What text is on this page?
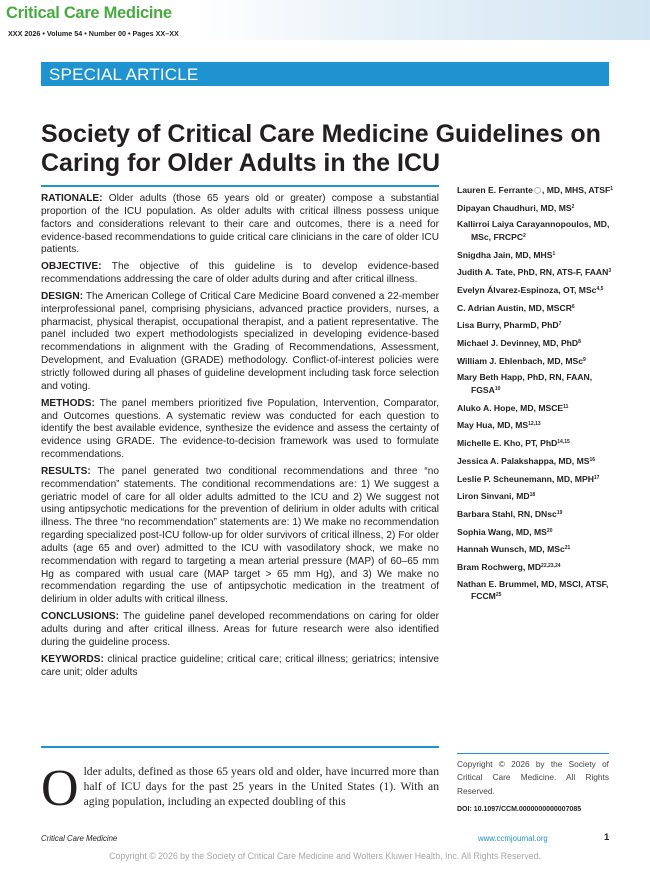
Critical Care Medicine
XXX 2026 • Volume 54 • Number 00 • Pages XX–XX
SPECIAL ARTICLE
Society of Critical Care Medicine Guidelines on Caring for Older Adults in the ICU

RATIONALE: Older adults (those 65 years old or greater) compose a substantial proportion of the ICU population. As older adults with critical illness possess unique factors and considerations relevant to their care and outcomes, there is a need for evidence-based recommendations to guide critical care clinicians in the care of older ICU patients.

OBJECTIVE: The objective of this guideline is to develop evidence-based recommendations addressing the care of older adults during and after critical illness.

DESIGN: The American College of Critical Care Medicine Board convened a 22-member interprofessional panel, comprising physicians, advanced practice providers, nurses, a pharmacist, physical therapist, occupational therapist, and a patient representative. The panel included two expert methodologists specialized in developing evidence-based recommendations in alignment with the Grading of Recommendations, Assessment, Development, and Evaluation (GRADE) methodology. Conflict-of-interest policies were strictly followed during all phases of guideline development including task force selection and voting.

METHODS: The panel members prioritized five Population, Intervention, Comparator, and Outcomes questions. A systematic review was conducted for each question to identify the best available evidence, synthesize the evidence and assess the certainty of evidence using GRADE. The evidence-to-decision framework was used to formulate recommendations.

RESULTS: The panel generated two conditional recommendations and three “no recommendation” statements. The conditional recommendations are: 1) We suggest a geriatric model of care for all older adults admitted to the ICU and 2) We suggest not using antipsychotic medications for the prevention of delirium in older adults with critical illness. The three “no recommendation” statements are: 1) We make no recommendation regarding specialized post-ICU follow-up for older survivors of critical illness, 2) For older adults (age 65 and over) admitted to the ICU with vasodilatory shock, we make no recommendation with regard to targeting a mean arterial pressure (MAP) of 60–65 mm Hg as compared with usual care (MAP target > 65 mm Hg), and 3) We make no recommendation regarding the use of antipsychotic medication in the treatment of delirium in older adults with critical illness.

CONCLUSIONS: The guideline panel developed recommendations on caring for older adults during and after critical illness. Areas for future research were also identified during the guideline process.

KEYWORDS: clinical practice guideline; critical care; critical illness; geriatrics; intensive care unit; older adults

Lauren E. Ferrante , MD, MHS, ATSF$^1$
Dipayan Chaudhuri, MD, $MS^2$
Kallirroi Laiya Carayannopoulos, MD, MSc, FRCPC$^2$
Snigdha Jain, MD, MHS$^1$
Judith A. Tate, PhD, RN, ATS-F, FAAN$^3$
Evelyn Álvarez-Espinoza, OT, MSc$^{4,5}$
C. Adrian Austin, MD, MSCR$^6$
Lisa Burry, PharmD, PhD$^7$
Michael J. Devinney, MD, PhD$^8$
William J. Ehlenbach, MD, MSc$^9$
Mary Beth Happ, PhD, RN, FAAN, FGSA$^{10}$
Aluko A. Hope, MD, MSCE$^{11}$
May Hua, MD, MS$^{12,13}$
Michelle E. Kho, PT, PhD$^{14,15}$
Jessica A. Palakshappa, MD, MS$^{16}$
Leslie P. Scheunemann, MD, MPH$^{17}$
Liron Sinvani, MD$^{18}$
Barbara Stahl, RN, DNsc$^{19}$
Sophia Wang, MD, MS$^{20}$
Hannah Wunsch, MD, MSc$^{21}$
Bram Rochwerg, MD$^{22,23,24}$
Nathan E. Brummel, MD, MSCI, ATSF, FCCM$^{25}$
Older adults, defined as those 65 years old and older, have incurred more than half of ICU days for the past 25 years in the United States (1). With an aging population, including an expected doubling of this
Copyright © 2026 by the Society of Critical Care Medicine. All Rights Reserved.
DOI: 10.1097/CCM.0000000000007085
Critical Care Medicine	www.ccmjournal.org	1
Copyright © 2026 by the Society of Critical Care Medicine and Wolters Kluwer Health, Inc. All Rights Reserved.
